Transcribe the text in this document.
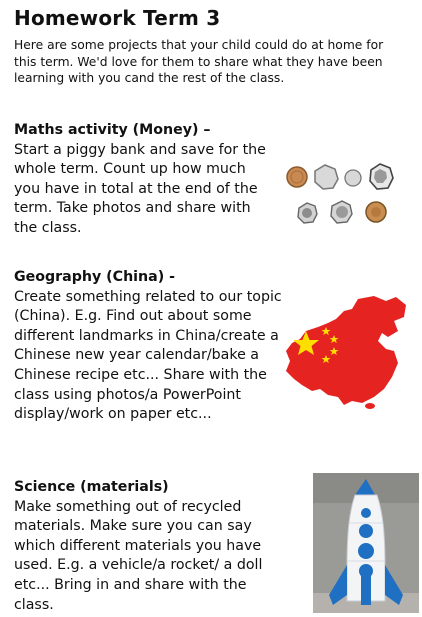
Homework Term 3
Here are some projects that your child could do at home for this term. We'd love for them to share what they have been learning with you cand the rest of the class.
Maths activity (Money) –
Start a piggy bank and save for the whole term. Count up how much you have in total at the end of the term. Take photos and share with the class.
Geography (China) -
Create something related to our topic (China). E.g. Find out about some different landmarks in China/create a Chinese new year calendar/bake a Chinese recipe etc... Share with the class using photos/a PowerPoint display/work on paper etc...
Science (materials)
Make something out of recycled materials. Make sure you can say which different materials you have used. E.g. a vehicle/a rocket/ a doll etc... Bring in and share with the class.
